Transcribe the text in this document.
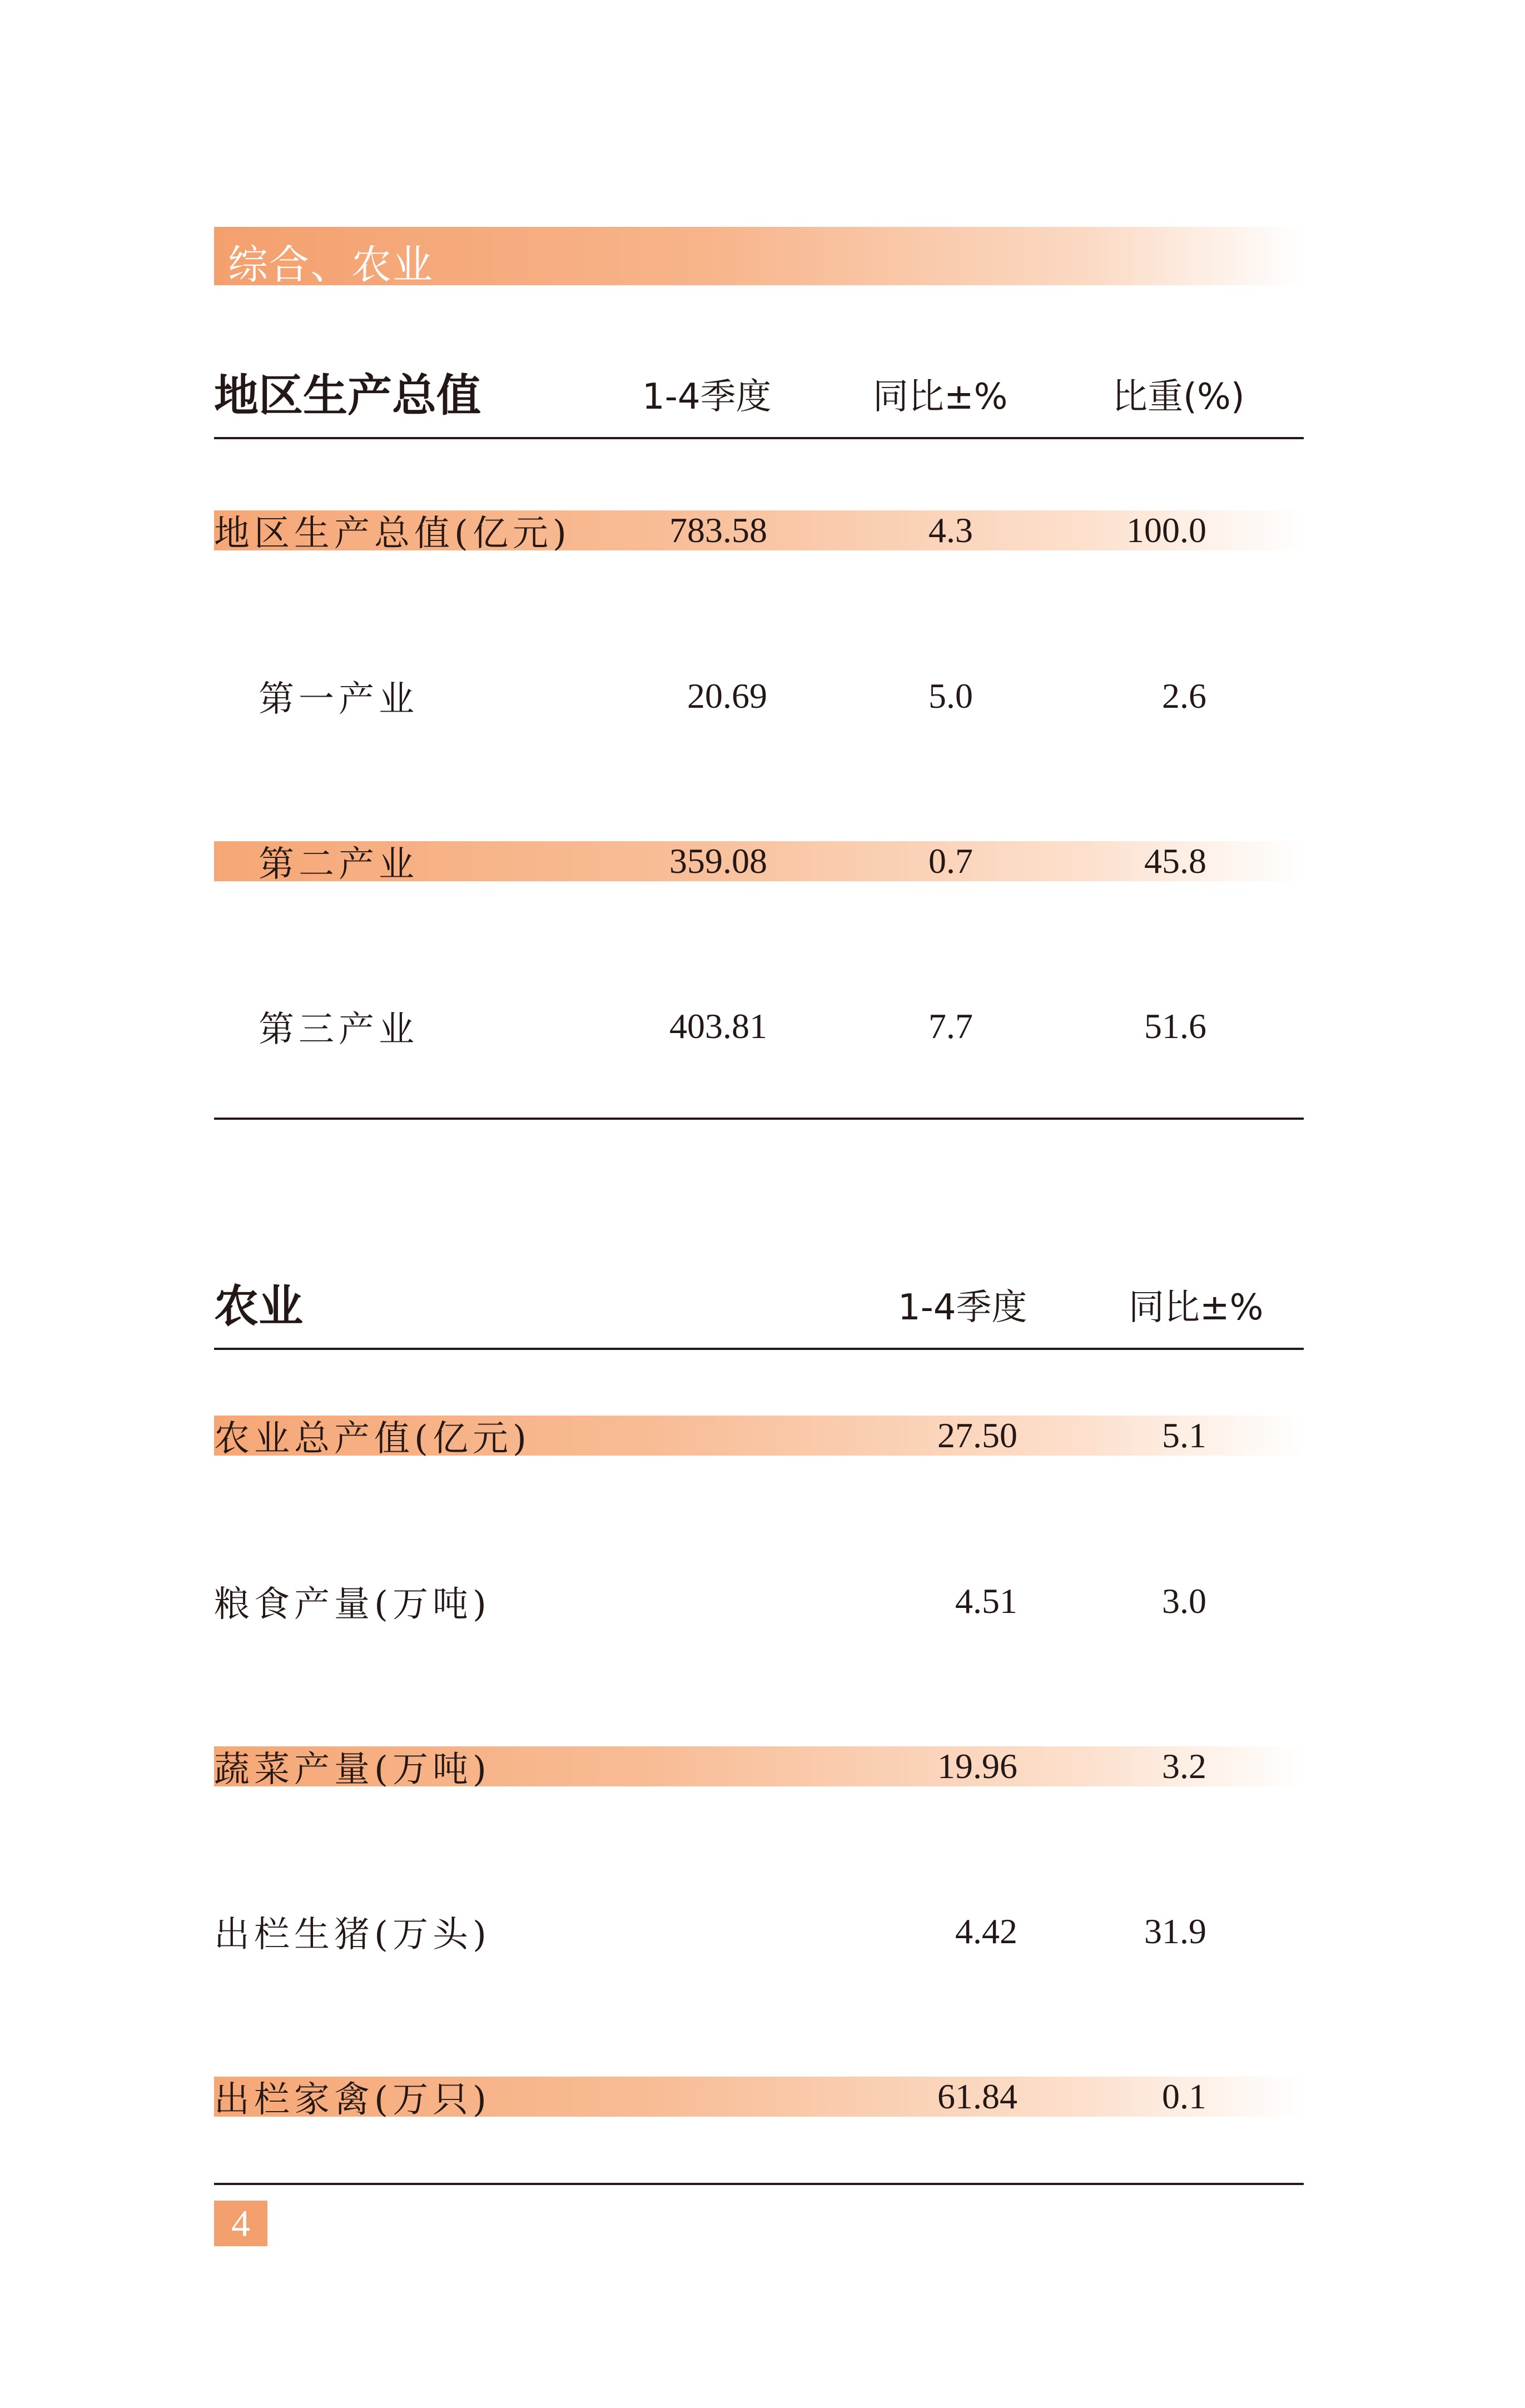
综合、农业
地区生产总值	1-4季度	同比±%	比重(%)
地区生产总值(亿元)	783.58	4.3	100.0
第一产业	20.69	5.0	2.6
第二产业	359.08	0.7	45.8
第三产业	403.81	7.7	51.6
农业	1-4季度	同比±%
农业总产值(亿元)	27.50	5.1
粮食产量(万吨)	4.51	3.0
蔬菜产量(万吨)	19.96	3.2
出栏生猪(万头)	4.42	31.9
出栏家禽(万只)	61.84	0.1
4
